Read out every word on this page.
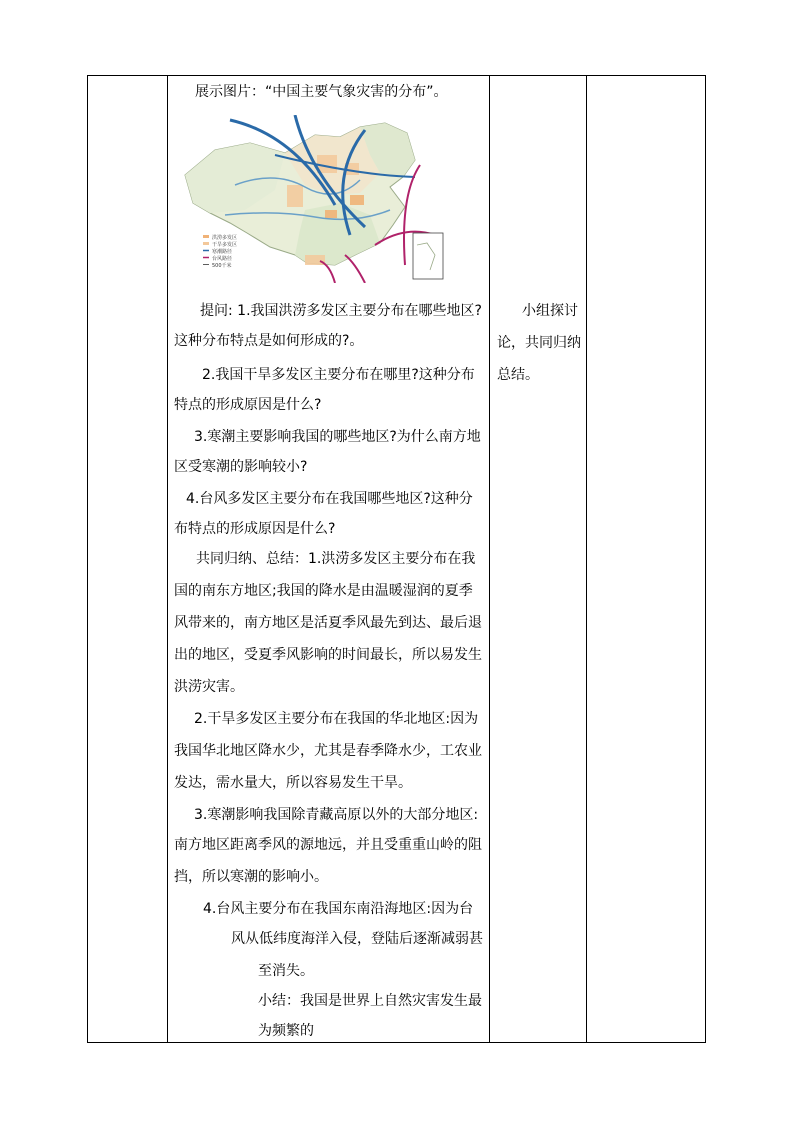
展示图片：“中国主要气象灾害的分布”。
洪涝多发区
干旱多发区
寒潮路径
台风路径
500千米
提问: 1.我国洪涝多发区主要分布在哪些地区?
这种分布特点是如何形成的?。
2.我国干旱多发区主要分布在哪里?这种分布
特点的形成原因是什么?
3.寒潮主要影响我国的哪些地区?为什么南方地
区受寒潮的影响较小?
4.台风多发区主要分布在我国哪些地区?这种分
布特点的形成原因是什么?
共同归纳、总结：1.洪涝多发区主要分布在我
国的南东方地区;我国的降水是由温暖湿润的夏季
风带来的，南方地区是活夏季风最先到达、最后退
出的地区，受夏季风影响的时间最长，所以易发生
洪涝灾害。
2.干旱多发区主要分布在我国的华北地区:因为
我国华北地区降水少，尤其是春季降水少，工农业
发达，需水量大，所以容易发生干旱。
3.寒潮影响我国除青藏高原以外的大部分地区:
南方地区距离季风的源地远，并且受重重山岭的阻
挡，所以寒潮的影响小。
4.台风主要分布在我国东南沿海地区:因为台
风从低纬度海洋入侵，登陆后逐渐减弱甚
至消失。
小结：我国是世界上自然灾害发生最
为频繁的
小组探讨
论，共同归纳
总结。
